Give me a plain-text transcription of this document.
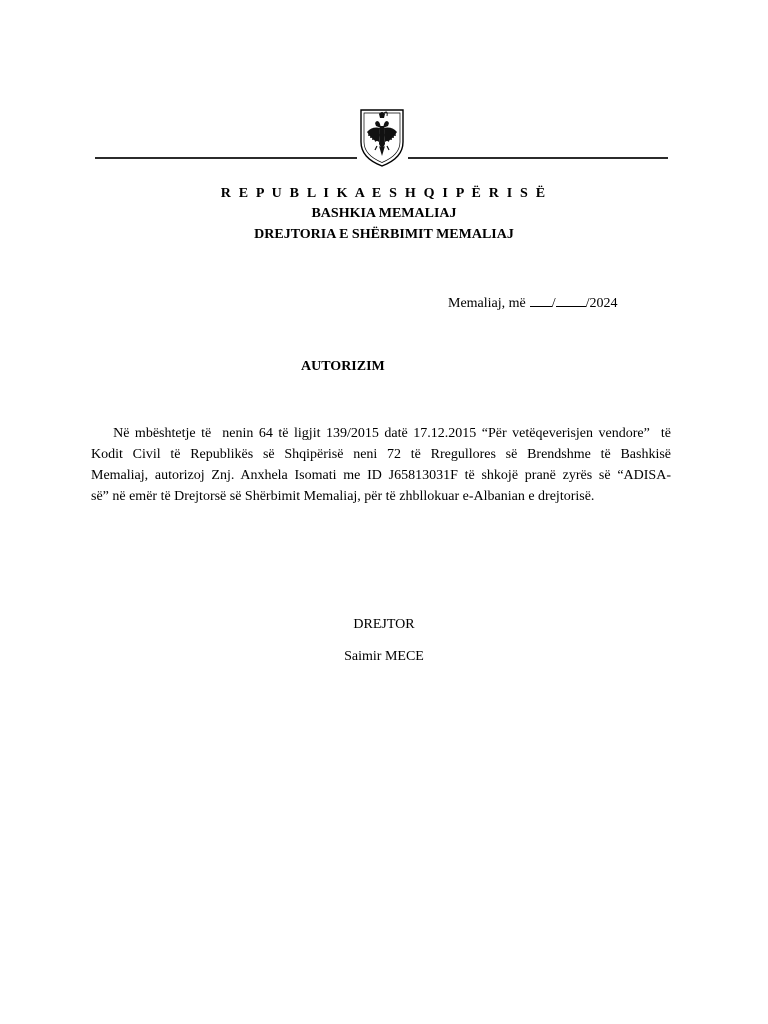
R E P U B L I K A E S H Q I P Ë R I S Ë
BASHKIA MEMALIAJ
DREJTORIA E SHËRBIMIT MEMALIAJ
Memaliaj, më / /2024
AUTORIZIM
Në mbështetje të  nenin 64 të ligjit 139/2015 datë 17.12.2015 “Për vetëqeverisjen vendore”  të
Kodit Civil të Republikës së Shqipërisë neni 72 të Rregullores së Brendshme të Bashkisë
Memaliaj, autorizoj Znj. Anxhela Isomati me ID J65813031F të shkojë pranë zyrës së “ADISA-
së” në emër të Drejtorsë së Shërbimit Memaliaj, për të zhbllokuar e-Albanian e drejtorisë.
DREJTOR
Saimir MECE
